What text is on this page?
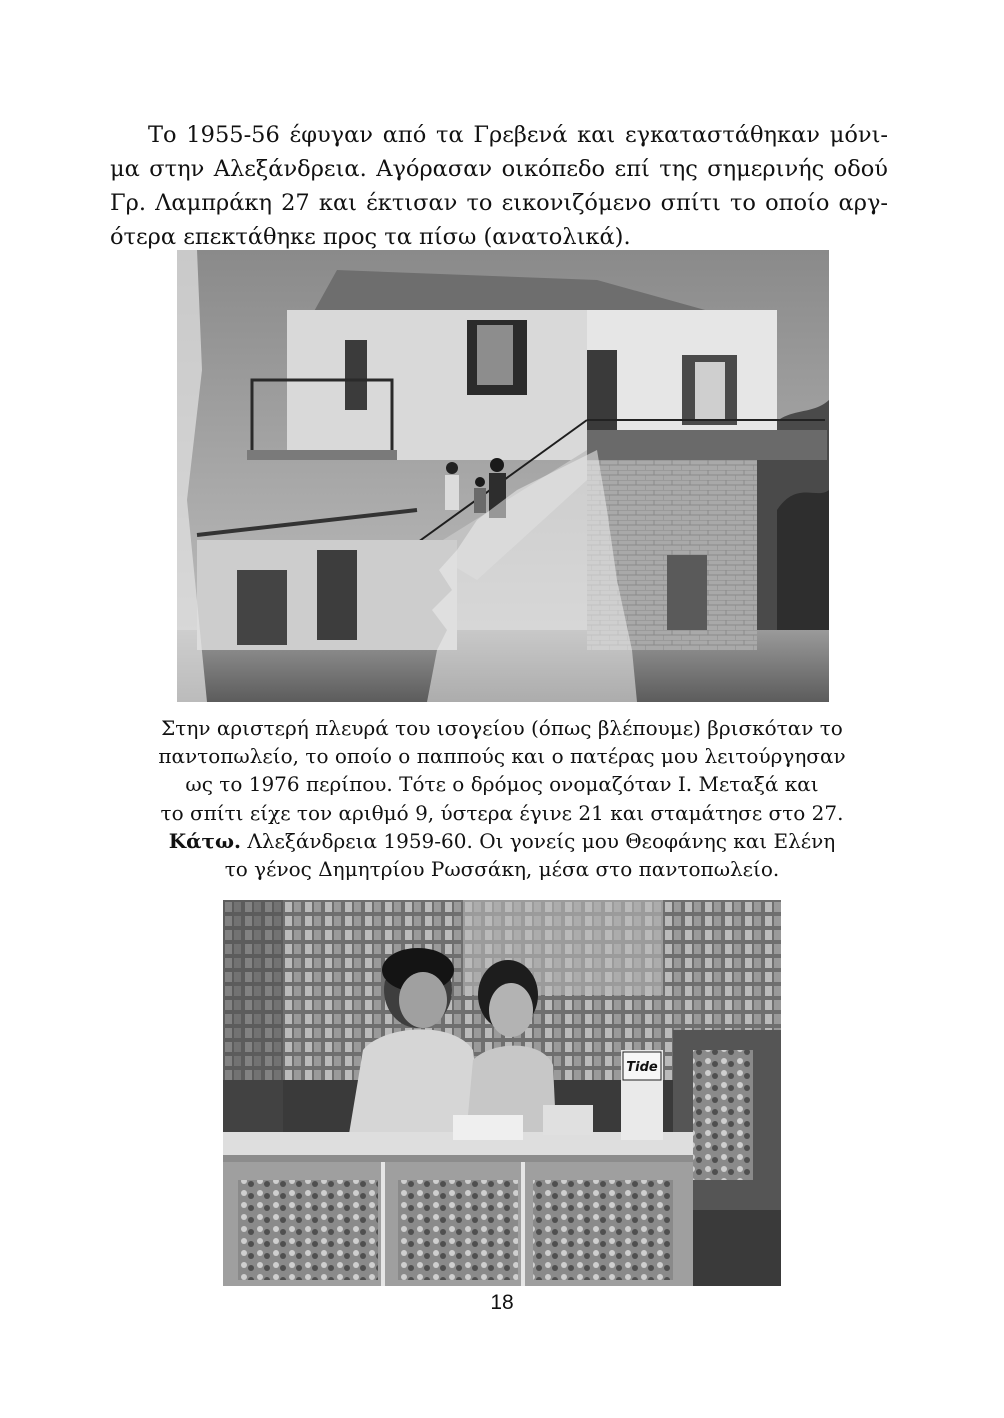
Το 1955-56 έφυγαν από τα Γρεβενά και εγκαταστάθηκαν μόνι-
μα στην Αλεξάνδρεια. Αγόρασαν οικόπεδο επί της σημερινής οδού
Γρ. Λαμπράκη 27 και έκτισαν το εικονιζόμενο σπίτι το οποίο αργ-
ότερα επεκτάθηκε προς τα πίσω (ανατολικά).
Στην αριστερή πλευρά του ισογείου (όπως βλέπουμε) βρισκόταν το
παντοπωλείο, το οποίο ο παππούς και ο πατέρας μου λειτούργησαν
ως το 1976 περίπου. Τότε ο δρόμος ονομαζόταν Ι. Μεταξά και
το σπίτι είχε τον αριθμό 9, ύστερα έγινε 21 και σταμάτησε στο 27.
Κάτω. Λλεξάνδρεια 1959-60. Οι γονείς μου Θεοφάνης και Ελένη
το γένος Δημητρίου Ρωσσάκη, μέσα στο παντοπωλείο.
Tide
18
